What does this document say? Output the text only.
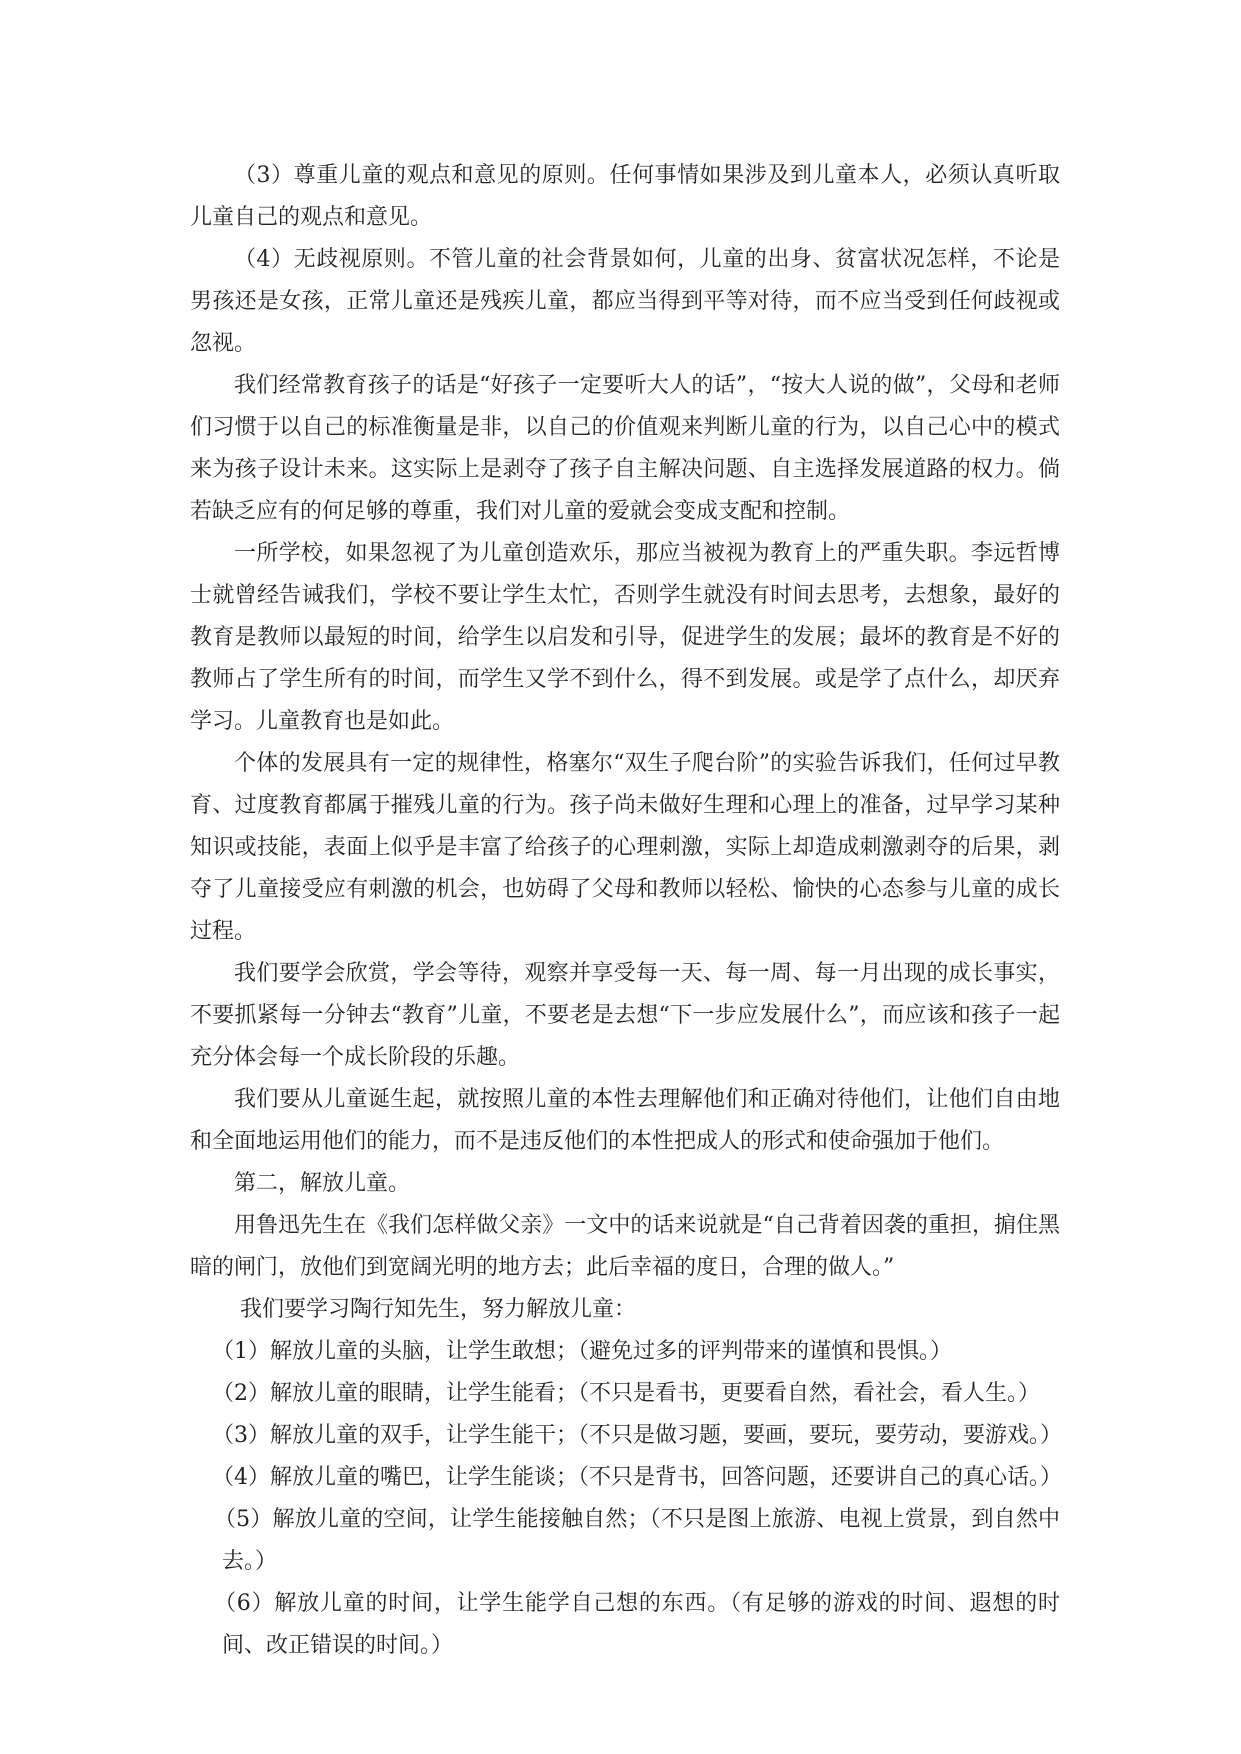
（3）尊重儿童的观点和意见的原则。任何事情如果涉及到儿童本人，必须认真听取儿童自己的观点和意见。

（4）无歧视原则。不管儿童的社会背景如何，儿童的出身、贫富状况怎样，不论是男孩还是女孩，正常儿童还是残疾儿童，都应当得到平等对待，而不应当受到任何歧视或忽视。

我们经常教育孩子的话是“好孩子一定要听大人的话”，“按大人说的做”，父母和老师们习惯于以自己的标准衡量是非，以自己的价值观来判断儿童的行为，以自己心中的模式来为孩子设计未来。这实际上是剥夺了孩子自主解决问题、自主选择发展道路的权力。倘若缺乏应有的何足够的尊重，我们对儿童的爱就会变成支配和控制。

一所学校，如果忽视了为儿童创造欢乐，那应当被视为教育上的严重失职。李远哲博士就曾经告诫我们，学校不要让学生太忙，否则学生就没有时间去思考，去想象，最好的教育是教师以最短的时间，给学生以启发和引导，促进学生的发展；最坏的教育是不好的教师占了学生所有的时间，而学生又学不到什么，得不到发展。或是学了点什么，却厌弃学习。儿童教育也是如此。

个体的发展具有一定的规律性，格塞尔“双生子爬台阶”的实验告诉我们，任何过早教育、过度教育都属于摧残儿童的行为。孩子尚未做好生理和心理上的准备，过早学习某种知识或技能，表面上似乎是丰富了给孩子的心理刺激，实际上却造成刺激剥夺的后果，剥夺了儿童接受应有刺激的机会，也妨碍了父母和教师以轻松、愉快的心态参与儿童的成长过程。

我们要学会欣赏，学会等待，观察并享受每一天、每一周、每一月出现的成长事实，不要抓紧每一分钟去“教育”儿童，不要老是去想“下一步应发展什么”，而应该和孩子一起充分体会每一个成长阶段的乐趣。

我们要从儿童诞生起，就按照儿童的本性去理解他们和正确对待他们，让他们自由地和全面地运用他们的能力，而不是违反他们的本性把成人的形式和使命强加于他们。

第二，解放儿童。

用鲁迅先生在《我们怎样做父亲》一文中的话来说就是“自己背着因袭的重担，掮住黑暗的闸门，放他们到宽阔光明的地方去；此后幸福的度日，合理的做人。”

我们要学习陶行知先生，努力解放儿童：

（1）解放儿童的头脑，让学生敢想；（避免过多的评判带来的谨慎和畏惧。）

（2）解放儿童的眼睛，让学生能看；（不只是看书，更要看自然，看社会，看人生。）

（3）解放儿童的双手，让学生能干；（不只是做习题，要画，要玩，要劳动，要游戏。）

（4）解放儿童的嘴巴，让学生能谈；（不只是背书，回答问题，还要讲自己的真心话。）

（5）解放儿童的空间，让学生能接触自然；（不只是图上旅游、电视上赏景，到自然中去。）

（6）解放儿童的时间，让学生能学自己想的东西。（有足够的游戏的时间、遐想的时间、改正错误的时间。）
